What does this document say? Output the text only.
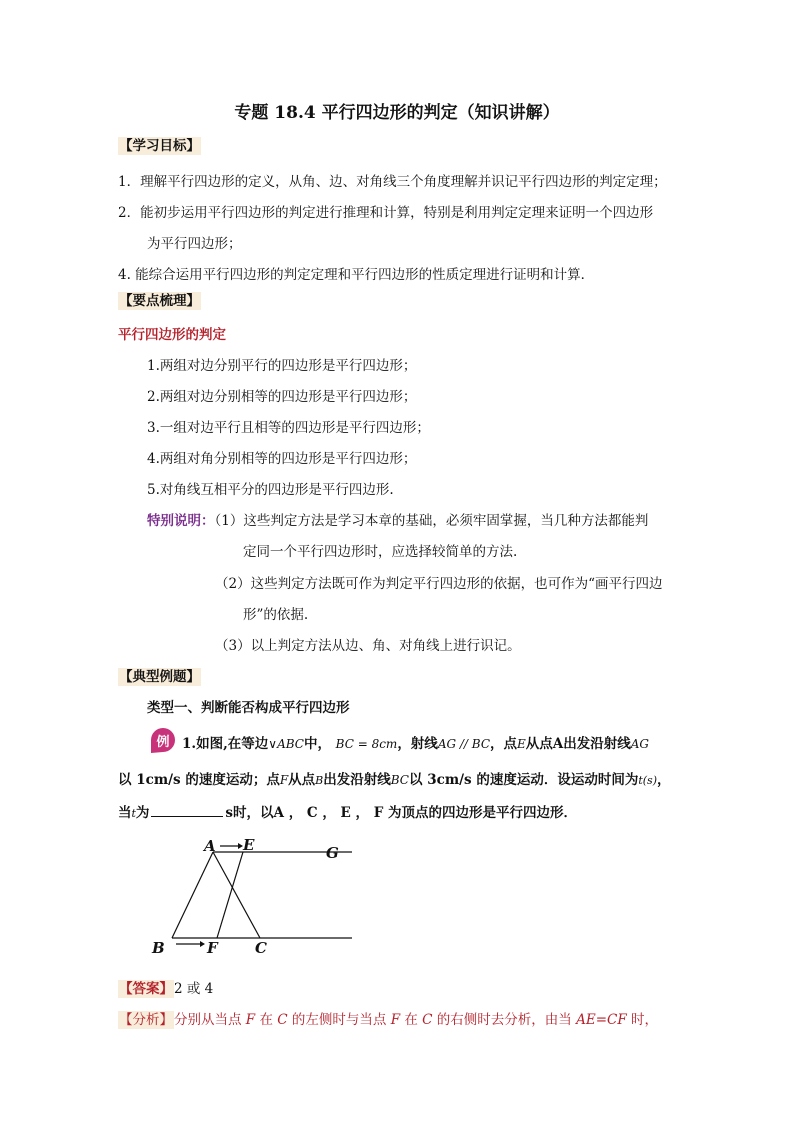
专题 18.4 平行四边形的判定（知识讲解）
【学习目标】
1．理解平行四边形的定义，从角、边、对角线三个角度理解并识记平行四边形的判定定理；
2．能初步运用平行四边形的判定进行推理和计算，特别是利用判定定理来证明一个四边形
为平行四边形；
4. 能综合运用平行四边形的判定定理和平行四边形的性质定理进行证明和计算．
【要点梳理】
平行四边形的判定
1.两组对边分别平行的四边形是平行四边形；
2.两组对边分别相等的四边形是平行四边形；
3.一组对边平行且相等的四边形是平行四边形；
4.两组对角分别相等的四边形是平行四边形；
5.对角线互相平分的四边形是平行四边形.
特别说明：（1）这些判定方法是学习本章的基础，必须牢固掌握，当几种方法都能判
定同一个平行四边形时，应选择较简单的方法.
（2）这些判定方法既可作为判定平行四边形的依据，也可作为“画平行四边
形”的依据.
（3）以上判定方法从边、角、对角线上进行识记。
【典型例题】
类型一、判断能否构成平行四边形
例 1.如图,在等边∨ABC中， BC = 8cm，射线AG // BC，点E从点A出发沿射线AG
以 1cm/s 的速度运动；点F从点B出发沿射线BC以 3cm/s 的速度运动．设运动时间为t(s)，
当t为	s时，以A ， C ， E ， F 为顶点的四边形是平行四边形．
A E	G
B	F C
【答案】2 或 4
【分析】分别从当点 F 在 C 的左侧时与当点 F 在 C 的右侧时去分析，由当 AE=CF 时，
